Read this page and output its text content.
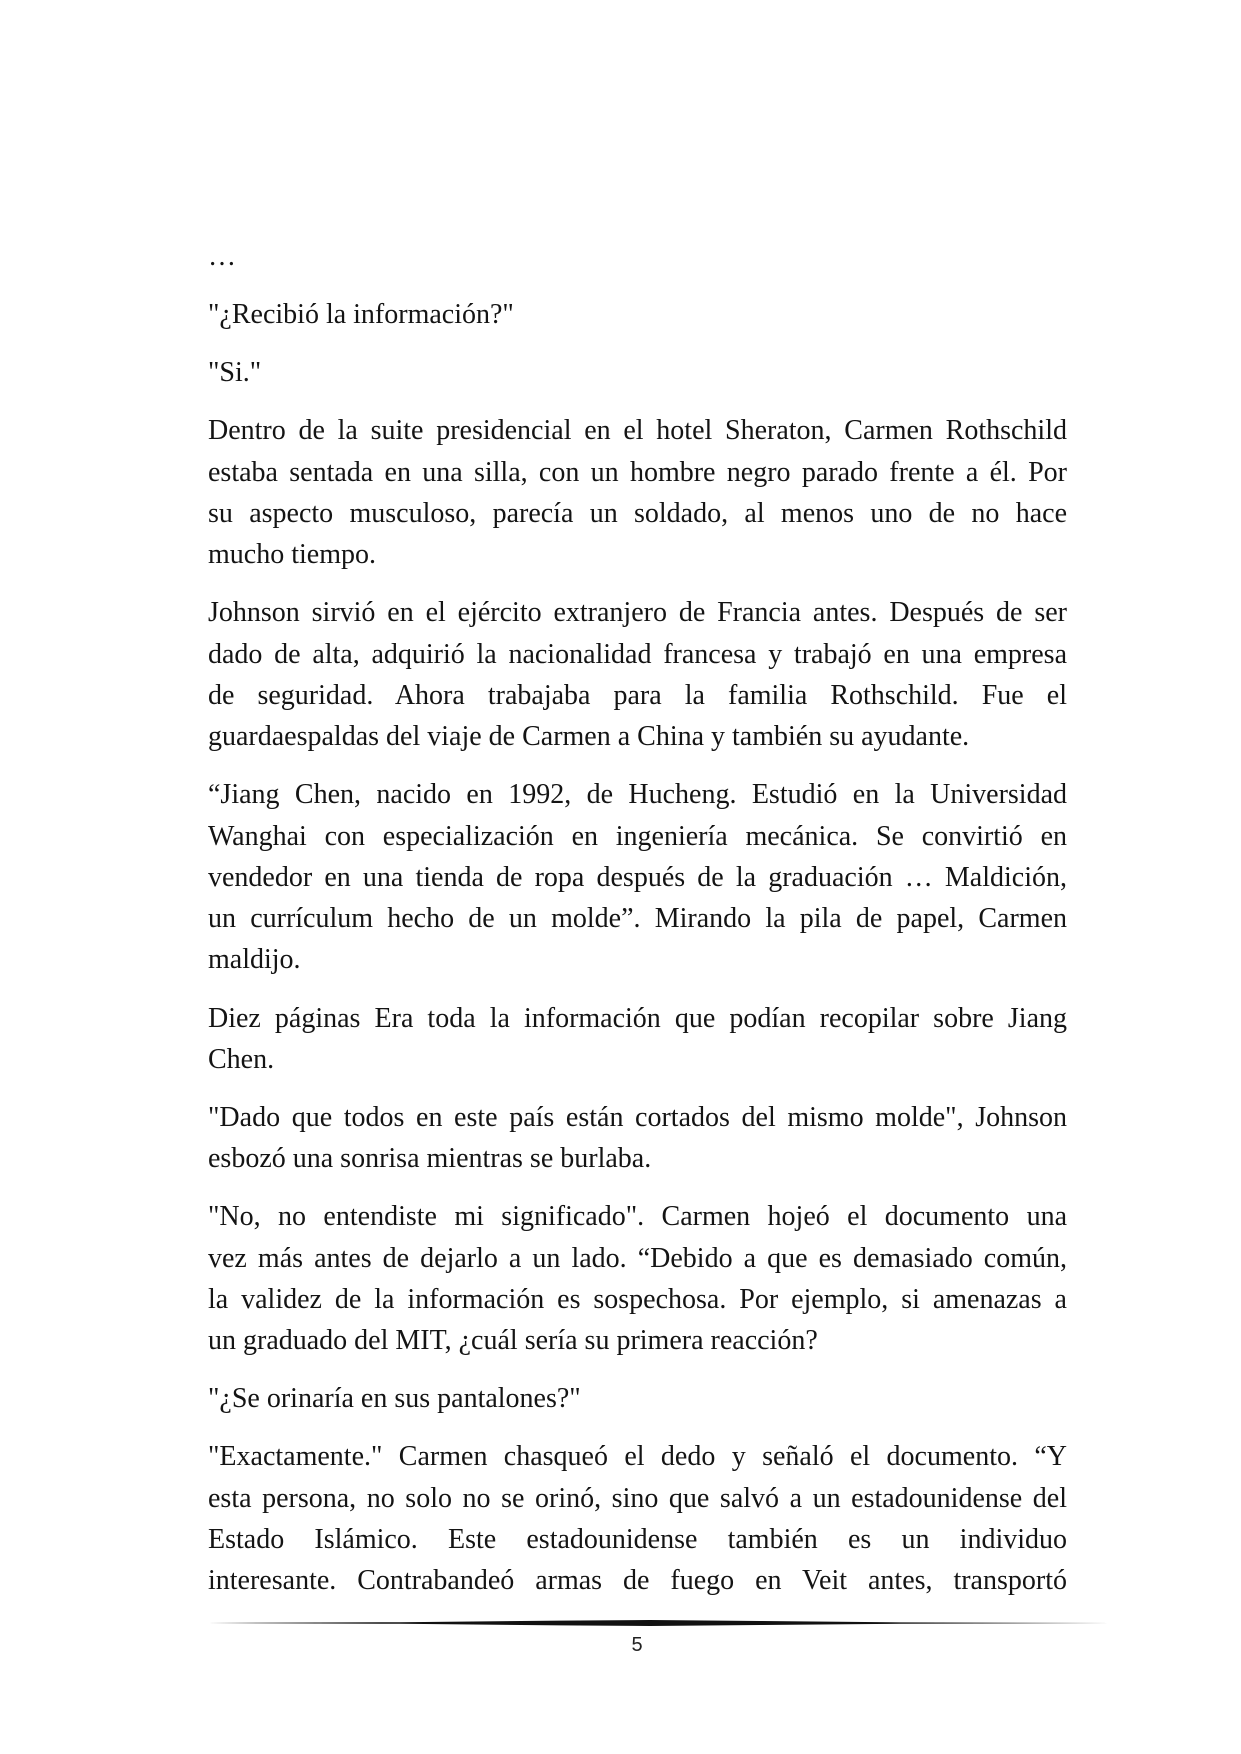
…
"¿Recibió la información?"
"Si."
Dentro de la suite presidencial en el hotel Sheraton, Carmen Rothschild
estaba sentada en una silla, con un hombre negro parado frente a él. Por
su aspecto musculoso, parecía un soldado, al menos uno de no hace
mucho tiempo.
Johnson sirvió en el ejército extranjero de Francia antes. Después de ser
dado de alta, adquirió la nacionalidad francesa y trabajó en una empresa
de seguridad. Ahora trabajaba para la familia Rothschild. Fue el
guardaespaldas del viaje de Carmen a China y también su ayudante.
“Jiang Chen, nacido en 1992, de Hucheng. Estudió en la Universidad
Wanghai con especialización en ingeniería mecánica. Se convirtió en
vendedor en una tienda de ropa después de la graduación … Maldición,
un currículum hecho de un molde”. Mirando la pila de papel, Carmen
maldijo.
Diez páginas Era toda la información que podían recopilar sobre Jiang
Chen.
"Dado que todos en este país están cortados del mismo molde", Johnson
esbozó una sonrisa mientras se burlaba.
"No, no entendiste mi significado". Carmen hojeó el documento una
vez más antes de dejarlo a un lado. “Debido a que es demasiado común,
la validez de la información es sospechosa. Por ejemplo, si amenazas a
un graduado del MIT, ¿cuál sería su primera reacción?
"¿Se orinaría en sus pantalones?"
"Exactamente." Carmen chasqueó el dedo y señaló el documento. “Y
esta persona, no solo no se orinó, sino que salvó a un estadounidense del
Estado Islámico. Este estadounidense también es un individuo
interesante. Contrabandeó armas de fuego en Veit antes, transportó
5
